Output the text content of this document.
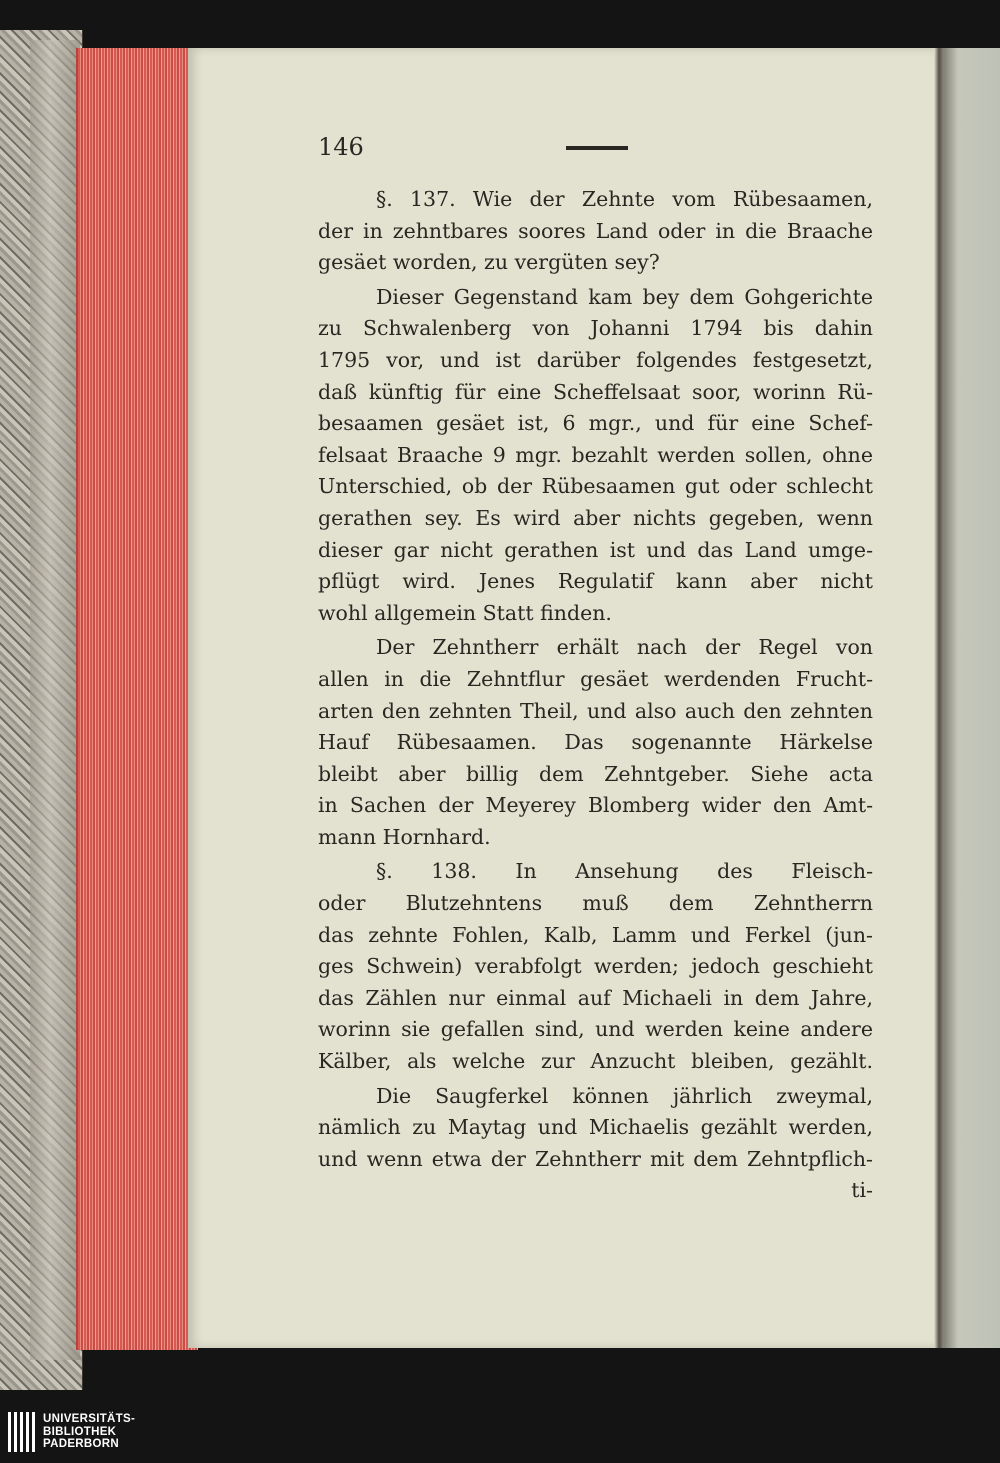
146
§. 137. Wie der Zehnte vom Rübesaamen,
der in zehntbares soores Land oder in die Braache
gesäet worden, zu vergüten sey?
Dieser Gegenstand kam bey dem Gohgerichte
zu Schwalenberg von Johanni 1794 bis dahin
1795 vor, und ist darüber folgendes festgesetzt,
daß künftig für eine Scheffelsaat soor, worinn Rü-
besaamen gesäet ist, 6 mgr., und für eine Schef-
felsaat Braache 9 mgr. bezahlt werden sollen, ohne
Unterschied, ob der Rübesaamen gut oder schlecht
gerathen sey. Es wird aber nichts gegeben, wenn
dieser gar nicht gerathen ist und das Land umge-
pflügt wird. Jenes Regulatif kann aber nicht
wohl allgemein Statt finden.
Der Zehntherr erhält nach der Regel von
allen in die Zehntflur gesäet werdenden Frucht-
arten den zehnten Theil, und also auch den zehnten
Hauf Rübesaamen. Das sogenannte Härkelse
bleibt aber billig dem Zehntgeber. Siehe acta
in Sachen der Meyerey Blomberg wider den Amt-
mann Hornhard.
§. 138. In Ansehung des Fleisch-
oder Blutzehntens muß dem Zehntherrn
das zehnte Fohlen, Kalb, Lamm und Ferkel (jun-
ges Schwein) verabfolgt werden; jedoch geschieht
das Zählen nur einmal auf Michaeli in dem Jahre,
worinn sie gefallen sind, und werden keine andere
Kälber, als welche zur Anzucht bleiben, gezählt.
Die Saugferkel können jährlich zweymal,
nämlich zu Maytag und Michaelis gezählt werden,
und wenn etwa der Zehntherr mit dem Zehntpflich-
ti-
UNIVERSITÄTS-
BIBLIOTHEK
PADERBORN
